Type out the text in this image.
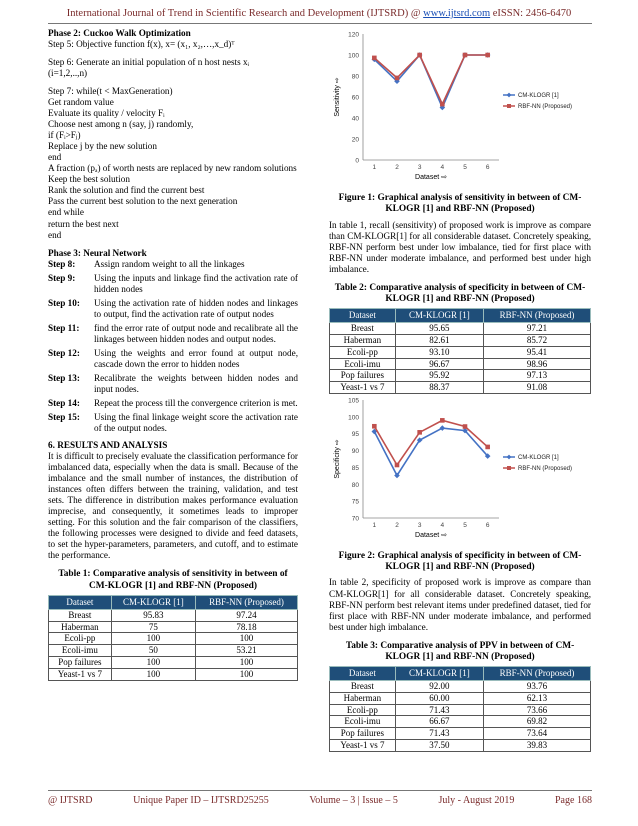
International Journal of Trend in Scientific Research and Development (IJTSRD) @ www.ijtsrd.com eISSN: 2456-6470
Phase 2: Cuckoo Walk Optimization
Step 5: Objective function f(x), x= (x₁, x₂,…,x_d)ᵀ
Step 6: Generate an initial population of n host nests xᵢ
(i=1,2,..,n)
Step 7: while(t < MaxGeneration)
Get random value
Evaluate its quality / velocity Fᵢ
Choose nest among n (say, j) randomly,
if (Fᵢ>Fⱼ)
Replace j by the new solution
end
A fraction (pₐ) of worth nests are replaced by new random solutions
Keep the best solution
Rank the solution and find the current best
Pass the current best solution to the next generation
end while
return the best next
end
Phase 3: Neural Network
Step 8:	Assign random weight to all the linkages
Step 9:	Using the inputs and linkage find the activation rate of hidden nodes
Step 10:	Using the activation rate of hidden nodes and linkages to output, find the activation rate of output nodes
Step 11:	find the error rate of output node and recalibrate all the linkages between hidden nodes and output nodes.
Step 12:	Using the weights and error found at output node, cascade down the error to hidden nodes
Step 13:	Recalibrate the weights between hidden nodes and input nodes.
Step 14:	Repeat the process till the convergence criterion is met.
Step 15:	Using the final linkage weight score the activation rate of the output nodes.
6. RESULTS AND ANALYSIS
It is difficult to precisely evaluate the classification performance for imbalanced data, especially when the data is small. Because of the imbalance and the small number of instances, the distribution of instances often differs between the training, validation, and test sets. The difference in distribution makes performance evaluation imprecise, and consequently, it sometimes leads to improper setting. For this solution and the fair comparison of the classifiers, the following processes were designed to divide and feed datasets, to set the hyper-parameters, parameters, and cutoff, and to estimate the performance.
Table 1: Comparative analysis of sensitivity in between of CM-KLOGR [1] and RBF-NN (Proposed)
Dataset	CM-KLOGR [1]	RBF-NN (Proposed)
Breast	95.83	97.24
Haberman	75	78.18
Ecoli-pp	100	100
Ecoli-imu	50	53.21
Pop failures	100	100
Yeast-1 vs 7	100	100
0
20
40
60
80
100
120
1	2	3	4	5	6
Dataset ⇨
Sensitivity ⇨	CM-KLOGR [1]
RBF-NN (Proposed)
Figure 1: Graphical analysis of sensitivity in between of CM-KLOGR [1] and RBF-NN (Proposed)
In table 1, recall (sensitivity) of proposed work is improve as compare than CM-KLOGR[1] for all considerable dataset. Concretely speaking, RBF-NN perform best under low imbalance, tied for first place with RBF-NN under moderate imbalance, and performed best under high imbalance.
Table 2: Comparative analysis of specificity in between of CM-KLOGR [1] and RBF-NN (Proposed)
Dataset	CM-KLOGR [1]	RBF-NN (Proposed)
Breast	95.65	97.21
Haberman	82.61	85.72
Ecoli-pp	93.10	95.41
Ecoli-imu	96.67	98.96
Pop failures	95.92	97.13
Yeast-1 vs 7	88.37	91.08
70
75
80
85
90
95
100
105
1	2	3	4	5	6
Dataset ⇨
Specificity ⇨	CM-KLOGR [1]
RBF-NN (Proposed)
Figure 2: Graphical analysis of specificity in between of CM-KLOGR [1] and RBF-NN (Proposed)
In table 2, specificity of proposed work is improve as compare than CM-KLOGR[1] for all considerable dataset. Concretely speaking, RBF-NN perform best relevant items under predefined dataset, tied for first place with RBF-NN under moderate imbalance, and performed best under high imbalance.
Table 3: Comparative analysis of PPV in between of CM-KLOGR [1] and RBF-NN (Proposed)
Dataset	CM-KLOGR [1]	RBF-NN (Proposed)
Breast	92.00	93.76
Haberman	60.00	62.13
Ecoli-pp	71.43	73.66
Ecoli-imu	66.67	69.82
Pop failures	71.43	73.64
Yeast-1 vs 7	37.50	39.83
@ IJTSRD	Unique Paper ID – IJTSRD25255	Volume – 3 | Issue – 5	July - August 2019	Page 168
